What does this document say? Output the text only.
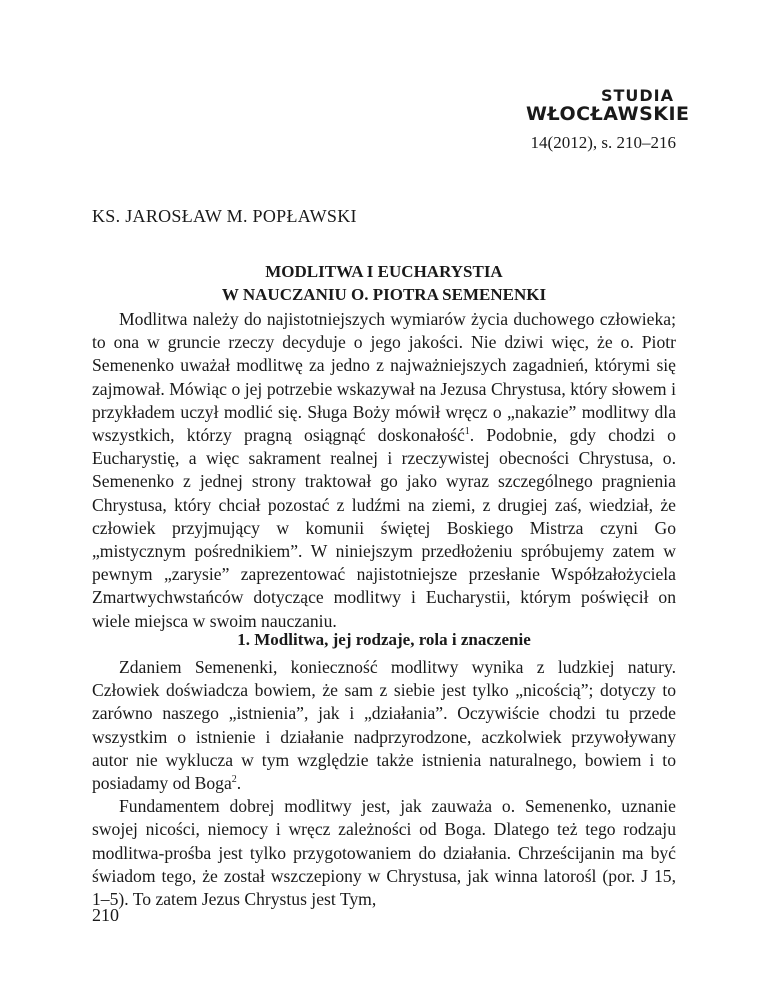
STUDIA
WŁOCŁAWSKIE
14(2012), s. 210–216
KS. JAROSŁAW M. POPŁAWSKI
MODLITWA I EUCHARYSTIA
W NAUCZANIU O. PIOTRA SEMENENKI

Modlitwa należy do najistotniejszych wymiarów życia duchowego człowieka; to ona w gruncie rzeczy decyduje o jego jakości. Nie dziwi więc, że o. Piotr Semenenko uważał modlitwę za jedno z najważniejszych zagadnień, którymi się zajmował. Mówiąc o jej potrzebie wskazywał na Jezusa Chrystusa, który słowem i przykładem uczył modlić się. Sługa Boży mówił wręcz o „nakazie” modlitwy dla wszystkich, którzy pragną osiągnąć doskonałość$^1$. Podobnie, gdy chodzi o Eucharystię, a więc sakrament realnej i rzeczywistej obecności Chrystusa, o. Semenenko z jednej strony traktował go jako wyraz szczególnego pragnienia Chrystusa, który chciał pozostać z ludźmi na ziemi, z drugiej zaś, wiedział, że człowiek przyjmujący w komunii świętej Boskiego Mistrza czyni Go „mistycznym pośrednikiem”. W niniejszym przedłożeniu spróbujemy zatem w pewnym „zarysie” zaprezentować najistotniejsze przesłanie Współzałożyciela Zmartwychwstańców dotyczące modlitwy i Eucharystii, którym poświęcił on wiele miejsca w swoim nauczaniu.

1. Modlitwa, jej rodzaje, rola i znaczenie

Zdaniem Semenenki, konieczność modlitwy wynika z ludzkiej natury. Człowiek doświadcza bowiem, że sam z siebie jest tylko „nicością”; dotyczy to zarówno naszego „istnienia”, jak i „działania”. Oczywiście chodzi tu przede wszystkim o istnienie i działanie nadprzyrodzone, aczkolwiek przywoływany autor nie wyklucza w tym względzie także istnienia naturalnego, bowiem i to posiadamy od Boga$^2$.

Fundamentem dobrej modlitwy jest, jak zauważa o. Semenenko, uznanie swojej nicości, niemocy i wręcz zależności od Boga. Dlatego też tego rodzaju modlitwa-prośba jest tylko przygotowaniem do działania. Chrześcijanin ma być świadom tego, że został wszczepiony w Chrystusa, jak winna latorośl (por. J 15, 1–5). To zatem Jezus Chrystus jest Tym,

210
